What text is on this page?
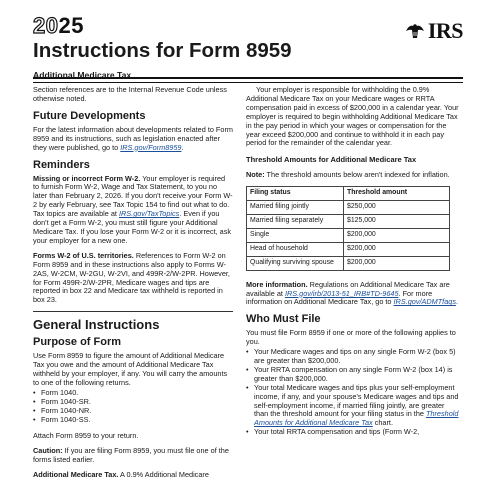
2025
Instructions for Form 8959
IRS
Additional Medicare Tax

Section references are to the Internal Revenue Code unless otherwise noted.

Future Developments

For the latest information about developments related to Form 8959 and its instructions, such as legislation enacted after they were published, go to IRS.gov/Form8959.

Reminders

Missing or incorrect Form W-2. Your employer is required to furnish Form W-2, Wage and Tax Statement, to you no later than February 2, 2026. If you don't receive your Form W-2 by early February, see Tax Topic 154 to find out what to do. Tax topics are available at IRS.gov/TaxTopics. Even if you don't get a Form W-2, you must still figure your Additional Medicare Tax. If you lose your Form W-2 or it is incorrect, ask your employer for a new one.

Forms W-2 of U.S. territories. References to Form W-2 on Form 8959 and in these instructions also apply to Forms W-2AS, W-2CM, W-2GU, W-2VI, and 499R-2/W-2PR. However, for Form 499R-2/W-2PR, Medicare wages and tips are reported in box 22 and Medicare tax withheld is reported in box 23.

General Instructions
Purpose of Form

Use Form 8959 to figure the amount of Additional Medicare Tax you owe and the amount of Additional Medicare Tax withheld by your employer, if any. You will carry the amounts to one of the following returns.

• Form 1040.
• Form 1040-SR.
• Form 1040-NR.
• Form 1040-SS.

Attach Form 8959 to your return.

Caution: If you are filing Form 8959, you must file one of the forms listed earlier.

Additional Medicare Tax. A 0.9% Additional Medicare

Your employer is responsible for withholding the 0.9% Additional Medicare Tax on your Medicare wages or RRTA compensation paid in excess of $200,000 in a calendar year. Your employer is required to begin withholding Additional Medicare Tax in the pay period in which your wages or compensation for the year exceed $200,000 and continue to withhold it in each pay period for the remainder of the calendar year.

Threshold Amounts for Additional Medicare Tax

Note: The threshold amounts below aren't indexed for inflation.

Filing status	Threshold amount
Married filing jointly	$250,000
Married filing separately	$125,000
Single	$200,000
Head of household	$200,000
Qualifying surviving spouse	$200,000

More information. Regulations on Additional Medicare Tax are available at IRS.gov/irb/2013-51_IRB#TD-9645. For more information on Additional Medicare Tax, go to IRS.gov/ADMTfaqs.

Who Must File

You must file Form 8959 if one or more of the following applies to you.

• Your Medicare wages and tips on any single Form W-2 (box 5) are greater than $200,000.
• Your RRTA compensation on any single Form W-2 (box 14) is greater than $200,000.
• Your total Medicare wages and tips plus your self-employment income, if any, and your spouse's Medicare wages and tips and self-employment income, if married filing jointly, are greater than the threshold amount for your filing status in the Threshold Amounts for Additional Medicare Tax chart.
• Your total RRTA compensation and tips (Form W-2,
